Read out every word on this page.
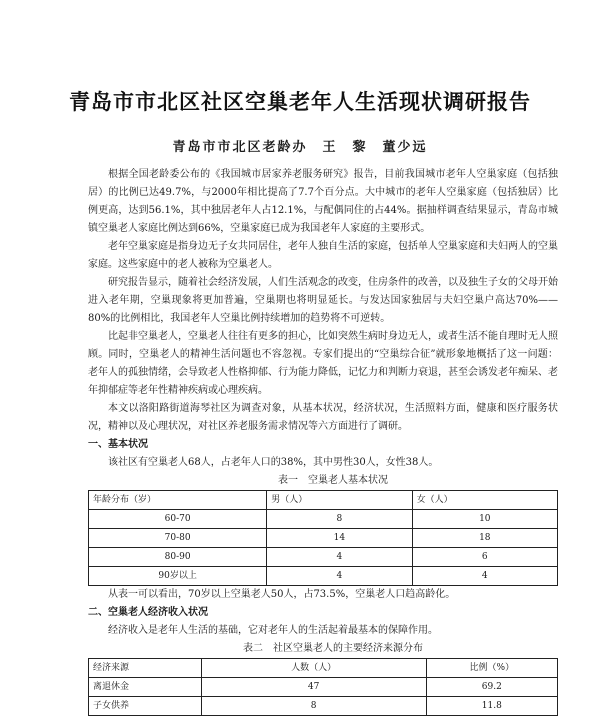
青岛市市北区社区空巢老年人生活现状调研报告
青岛市市北区老龄办　王　黎　董少远

根据全国老龄委公布的《我国城市居家养老服务研究》报告，目前我国城市老年人空巢家庭（包括独居）的比例已达49.7%，与2000年相比提高了7.7个百分点。大中城市的老年人空巢家庭（包括独居）比例更高，达到56.1%，其中独居老年人占12.1%，与配偶同住的占44%。据抽样调查结果显示，青岛市城镇空巢老人家庭比例达到66%，空巢家庭已成为我国老年人家庭的主要形式。

老年空巢家庭是指身边无子女共同居住，老年人独自生活的家庭，包括单人空巢家庭和夫妇两人的空巢家庭。这些家庭中的老人被称为空巢老人。

研究报告显示，随着社会经济发展，人们生活观念的改变，住房条件的改善，以及独生子女的父母开始进入老年期，空巢现象将更加普遍，空巢期也将明显延长。与发达国家独居与夫妇空巢户高达70%——80%的比例相比，我国老年人空巢比例持续增加的趋势将不可逆转。

比起非空巢老人，空巢老人往往有更多的担心，比如突然生病时身边无人，或者生活不能自理时无人照顾。同时，空巢老人的精神生活问题也不容忽视。专家们提出的“空巢综合征”就形象地概括了这一问题：老年人的孤独情绪，会导致老人性格抑郁、行为能力降低，记忆力和判断力衰退，甚至会诱发老年痴呆、老年抑郁症等老年性精神疾病或心理疾病。

本文以洛阳路街道海琴社区为调查对象，从基本状况，经济状况，生活照料方面，健康和医疗服务状况，精神以及心理状况，对社区养老服务需求情况等六方面进行了调研。

一、基本状况

该社区有空巢老人68人，占老年人口的38%，其中男性30人，女性38人。

表一　空巢老人基本状况

年龄分布（岁）	男（人）	女（人）
60-70	8	10
70-80	14	18
80-90	4	6
90岁以上	4	4

从表一可以看出，70岁以上空巢老人50人，占73.5%，空巢老人口趋高龄化。

二、空巢老人经济收入状况

经济收入是老年人生活的基础，它对老年人的生活起着最基本的保障作用。

表二　社区空巢老人的主要经济来源分布

经济来源	人数（人）	比例（%）
离退休金	47	69.2
子女供养	8	11.8
